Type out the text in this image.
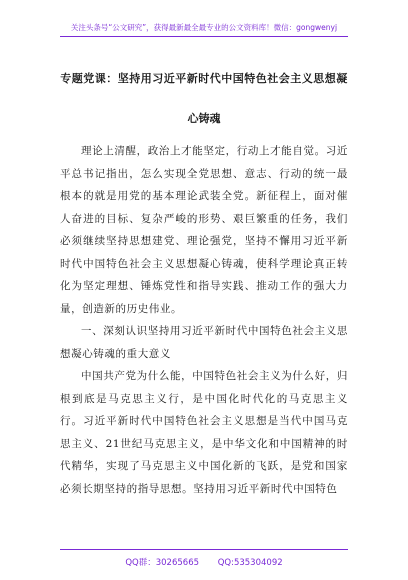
关注头条号“公文研究”，获得最新最全最专业的公文资料库！微信：gongwenyj
专题党课：坚持用习近平新时代中国特色社会主义思想凝
心铸魂

理论上清醒，政治上才能坚定，行动上才能自觉。习近平总书记指出，怎么实现全党思想、意志、行动的统一最根本的就是用党的基本理论武装全党。新征程上，面对催人奋进的目标、复杂严峻的形势、艰巨繁重的任务，我们必须继续坚持思想建党、理论强党，坚持不懈用习近平新时代中国特色社会主义思想凝心铸魂，使科学理论真正转化为坚定理想、锤炼党性和指导实践、推动工作的强大力量，创造新的历史伟业。

一、深刻认识坚持用习近平新时代中国特色社会主义思想凝心铸魂的重大意义

中国共产党为什么能，中国特色社会主义为什么好，归根到底是马克思主义行，是中国化时代化的马克思主义行。习近平新时代中国特色社会主义思想是当代中国马克思主义、21世纪马克思主义，是中华文化和中国精神的时代精华，实现了马克思主义中国化新的飞跃，是党和国家必须长期坚持的指导思想。坚持用习近平新时代中国特色

QQ群：30265665 QQ:535304092
